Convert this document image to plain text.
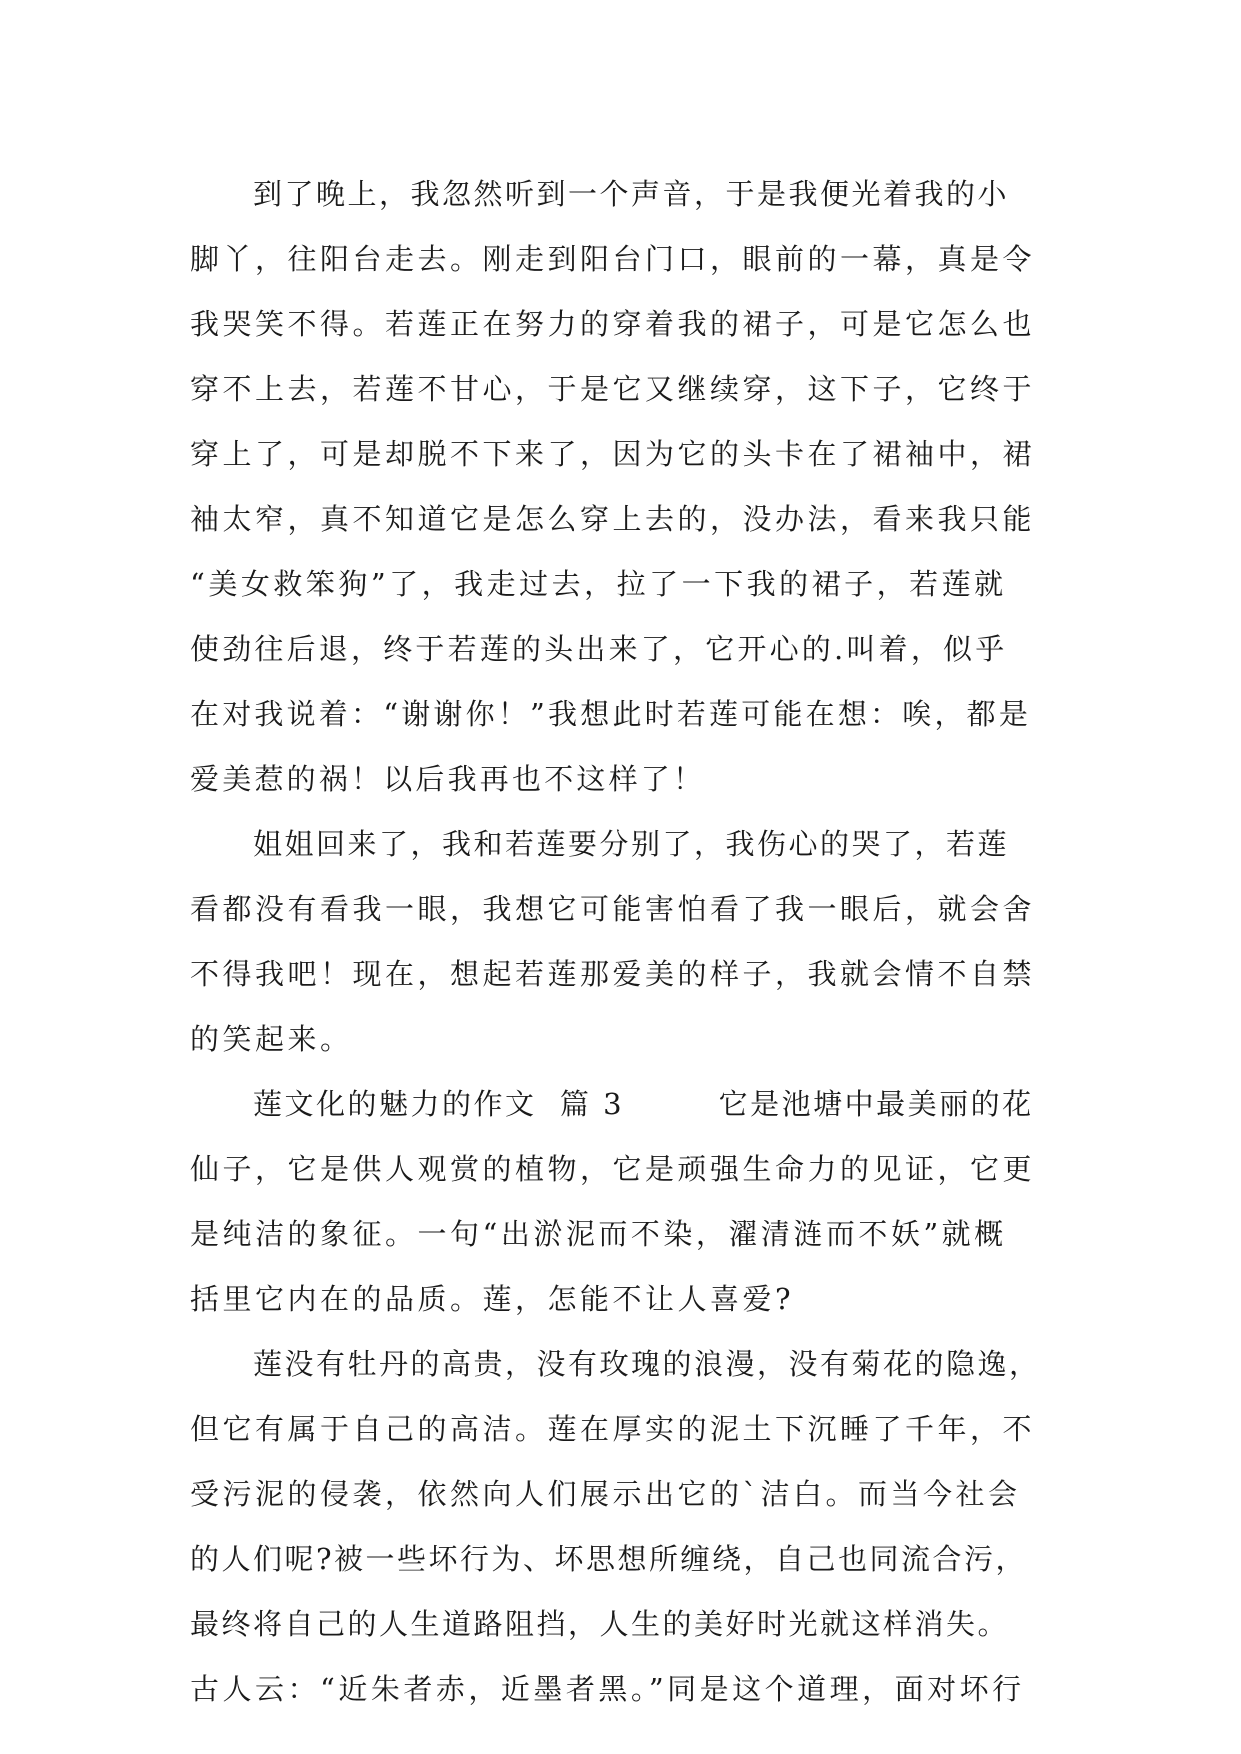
　　到了晚上，我忽然听到一个声音，于是我便光着我的小
脚丫，往阳台走去。刚走到阳台门口，眼前的一幕，真是令
我哭笑不得。若莲正在努力的穿着我的裙子，可是它怎么也
穿不上去，若莲不甘心，于是它又继续穿，这下子，它终于
穿上了，可是却脱不下来了，因为它的头卡在了裙袖中，裙
袖太窄，真不知道它是怎么穿上去的，没办法，看来我只能
“美女救笨狗”了，我走过去，拉了一下我的裙子，若莲就
使劲往后退，终于若莲的头出来了，它开心的.叫着，似乎
在对我说着：“谢谢你！”我想此时若莲可能在想：唉，都是
爱美惹的祸！以后我再也不这样了！
　　姐姐回来了，我和若莲要分别了，我伤心的哭了，若莲
看都没有看我一眼，我想它可能害怕看了我一眼后，就会舍
不得我吧！现在，想起若莲那爱美的样子，我就会情不自禁
的笑起来。
　　莲文化的魅力的作文  篇 3　　　它是池塘中最美丽的花
仙子，它是供人观赏的植物，它是顽强生命力的见证，它更
是纯洁的象征。一句“出淤泥而不染，濯清涟而不妖”就概
括里它内在的品质。莲，怎能不让人喜爱?
　　莲没有牡丹的高贵，没有玫瑰的浪漫，没有菊花的隐逸，
但它有属于自己的高洁。莲在厚实的泥土下沉睡了千年，不
受污泥的侵袭，依然向人们展示出它的`洁白。而当今社会
的人们呢?被一些坏行为、坏思想所缠绕，自己也同流合污，
最终将自己的人生道路阻挡，人生的美好时光就这样消失。
古人云：“近朱者赤，近墨者黑。”同是这个道理，面对坏行
